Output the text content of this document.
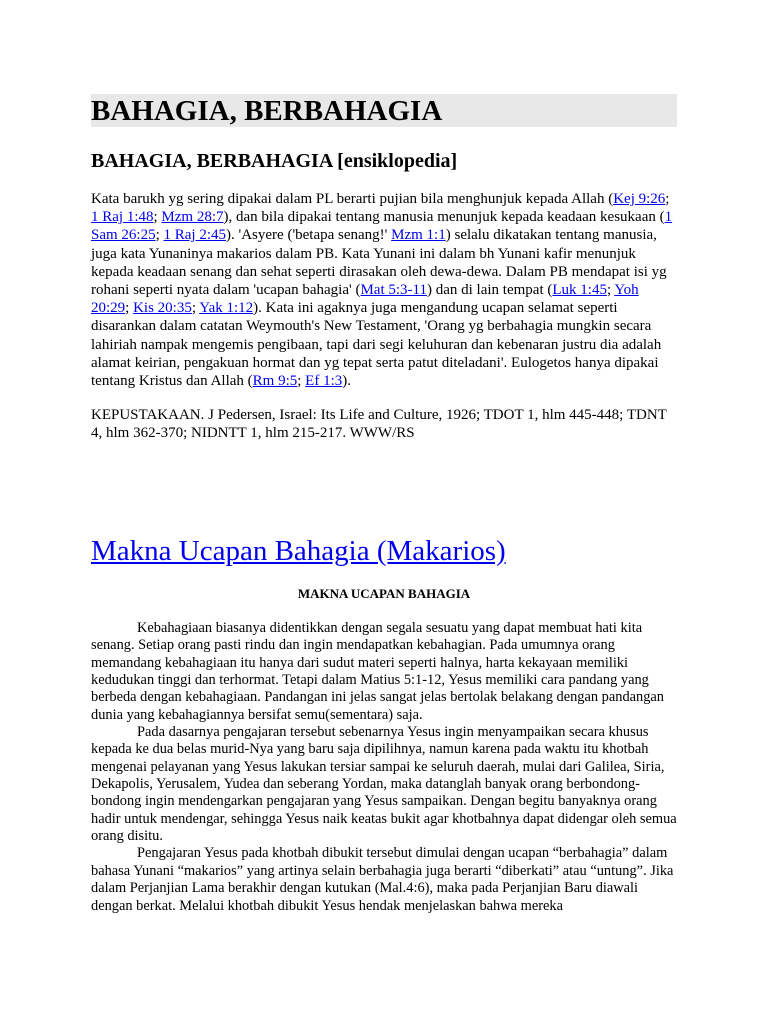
BAHAGIA, BERBAHAGIA
BAHAGIA, BERBAHAGIA [ensiklopedia]

Kata barukh yg sering dipakai dalam PL berarti pujian bila menghunjuk kepada Allah (Kej 9:26; 1 Raj 1:48; Mzm 28:7), dan bila dipakai tentang manusia menunjuk kepada keadaan kesukaan (1 Sam 26:25; 1 Raj 2:45). 'Asyere ('betapa senang!' Mzm 1:1) selalu dikatakan tentang manusia, juga kata Yunaninya makarios dalam PB. Kata Yunani ini dalam bh Yunani kafir menunjuk kepada keadaan senang dan sehat seperti dirasakan oleh dewa-dewa. Dalam PB mendapat isi yg rohani seperti nyata dalam 'ucapan bahagia' (Mat 5:3-11) dan di lain tempat (Luk 1:45; Yoh 20:29; Kis 20:35; Yak 1:12). Kata ini agaknya juga mengandung ucapan selamat seperti disarankan dalam catatan Weymouth's New Testament, 'Orang yg berbahagia mungkin secara lahiriah nampak mengemis pengibaan, tapi dari segi keluhuran dan kebenaran justru dia adalah alamat keirian, pengakuan hormat dan yg tepat serta patut diteladani'. Eulogetos hanya dipakai tentang Kristus dan Allah (Rm 9:5; Ef 1:3).

KEPUSTAKAAN. J Pedersen, Israel: Its Life and Culture, 1926; TDOT 1, hlm 445-448; TDNT 4, hlm 362-370; NIDNTT 1, hlm 215-217. WWW/RS

Makna Ucapan Bahagia (Makarios)
MAKNA UCAPAN BAHAGIA

Kebahagiaan biasanya didentikkan dengan segala sesuatu yang dapat membuat hati kita senang. Setiap orang pasti rindu dan ingin mendapatkan kebahagian. Pada umumnya orang memandang kebahagiaan itu hanya dari sudut materi seperti halnya, harta kekayaan memiliki kedudukan tinggi dan terhormat. Tetapi dalam Matius 5:1-12, Yesus memiliki cara pandang yang berbeda dengan kebahagiaan. Pandangan ini jelas sangat jelas bertolak belakang dengan pandangan dunia yang kebahagiannya bersifat semu(sementara) saja.

Pada dasarnya pengajaran tersebut sebenarnya Yesus ingin menyampaikan secara khusus kepada ke dua belas murid-Nya yang baru saja dipilihnya, namun karena pada waktu itu khotbah mengenai pelayanan yang Yesus lakukan tersiar sampai ke seluruh daerah, mulai dari Galilea, Siria, Dekapolis, Yerusalem, Yudea dan seberang Yordan, maka datanglah banyak orang berbondong-bondong ingin mendengarkan pengajaran yang Yesus sampaikan. Dengan begitu banyaknya orang hadir untuk mendengar, sehingga Yesus naik keatas bukit agar khotbahnya dapat didengar oleh semua orang disitu.

Pengajaran Yesus pada khotbah dibukit tersebut dimulai dengan ucapan “berbahagia” dalam bahasa Yunani “makarios” yang artinya selain berbahagia juga berarti “diberkati” atau “untung”. Jika dalam Perjanjian Lama berakhir dengan kutukan (Mal.4:6), maka pada Perjanjian Baru diawali dengan berkat. Melalui khotbah dibukit Yesus hendak menjelaskan bahwa mereka
